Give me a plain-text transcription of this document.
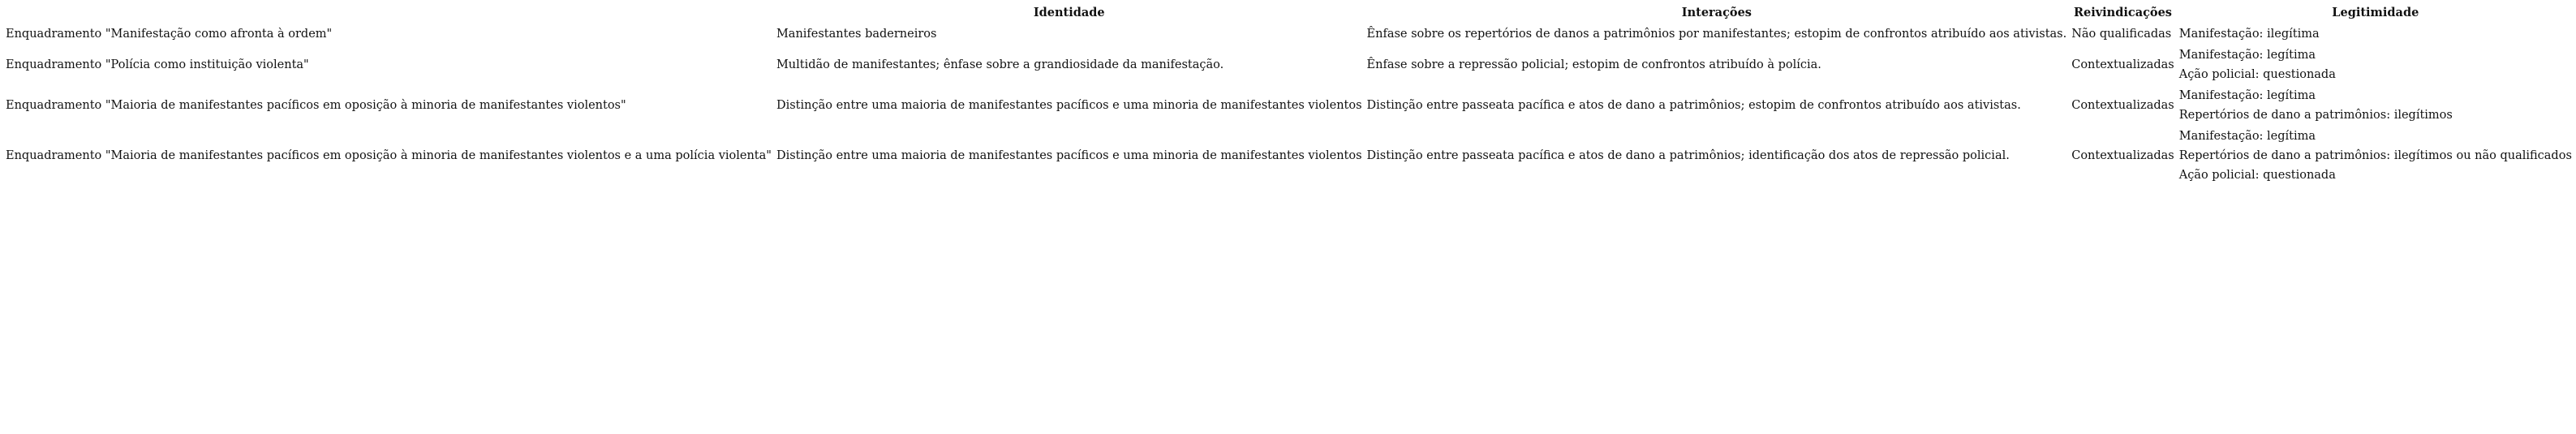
	Identidade	Interações	Reivindicações	Legitimidade
Enquadramento "Manifestação como afronta à ordem"	Manifestantes baderneiros	Ênfase sobre os repertórios de danos a patrimônios por manifestantes; estopim de confrontos atribuído aos ativistas.	Não qualificadas	Manifestação: ilegítima

Enquadramento "Polícia como instituição violenta"	Multidão de manifestantes; ênfase sobre a grandiosidade da manifestação.	Ênfase sobre a repressão policial; estopim de confrontos atribuído à polícia.	Contextualizadas	Manifestação: legítima
Ação policial: questionada

Enquadramento "Maioria de manifestantes pacíficos em oposição à minoria de manifestantes violentos"	Distinção entre uma maioria de manifestantes pacíficos e uma minoria de manifestantes violentos	Distinção entre passeata pacífica e atos de dano a patrimônios; estopim de confrontos atribuído aos ativistas.	Contextualizadas	Manifestação: legítima
Repertórios de dano a patrimônios: ilegítimos

Enquadramento "Maioria de manifestantes pacíficos em oposição à minoria de manifestantes violentos e a uma polícia violenta"	Distinção entre uma maioria de manifestantes pacíficos e uma minoria de manifestantes violentos	Distinção entre passeata pacífica e atos de dano a patrimônios; identificação dos atos de repressão policial.	Contextualizadas	Manifestação: legítima
Repertórios de dano a patrimônios: ilegítimos ou não qualificados
Ação policial: questionada
